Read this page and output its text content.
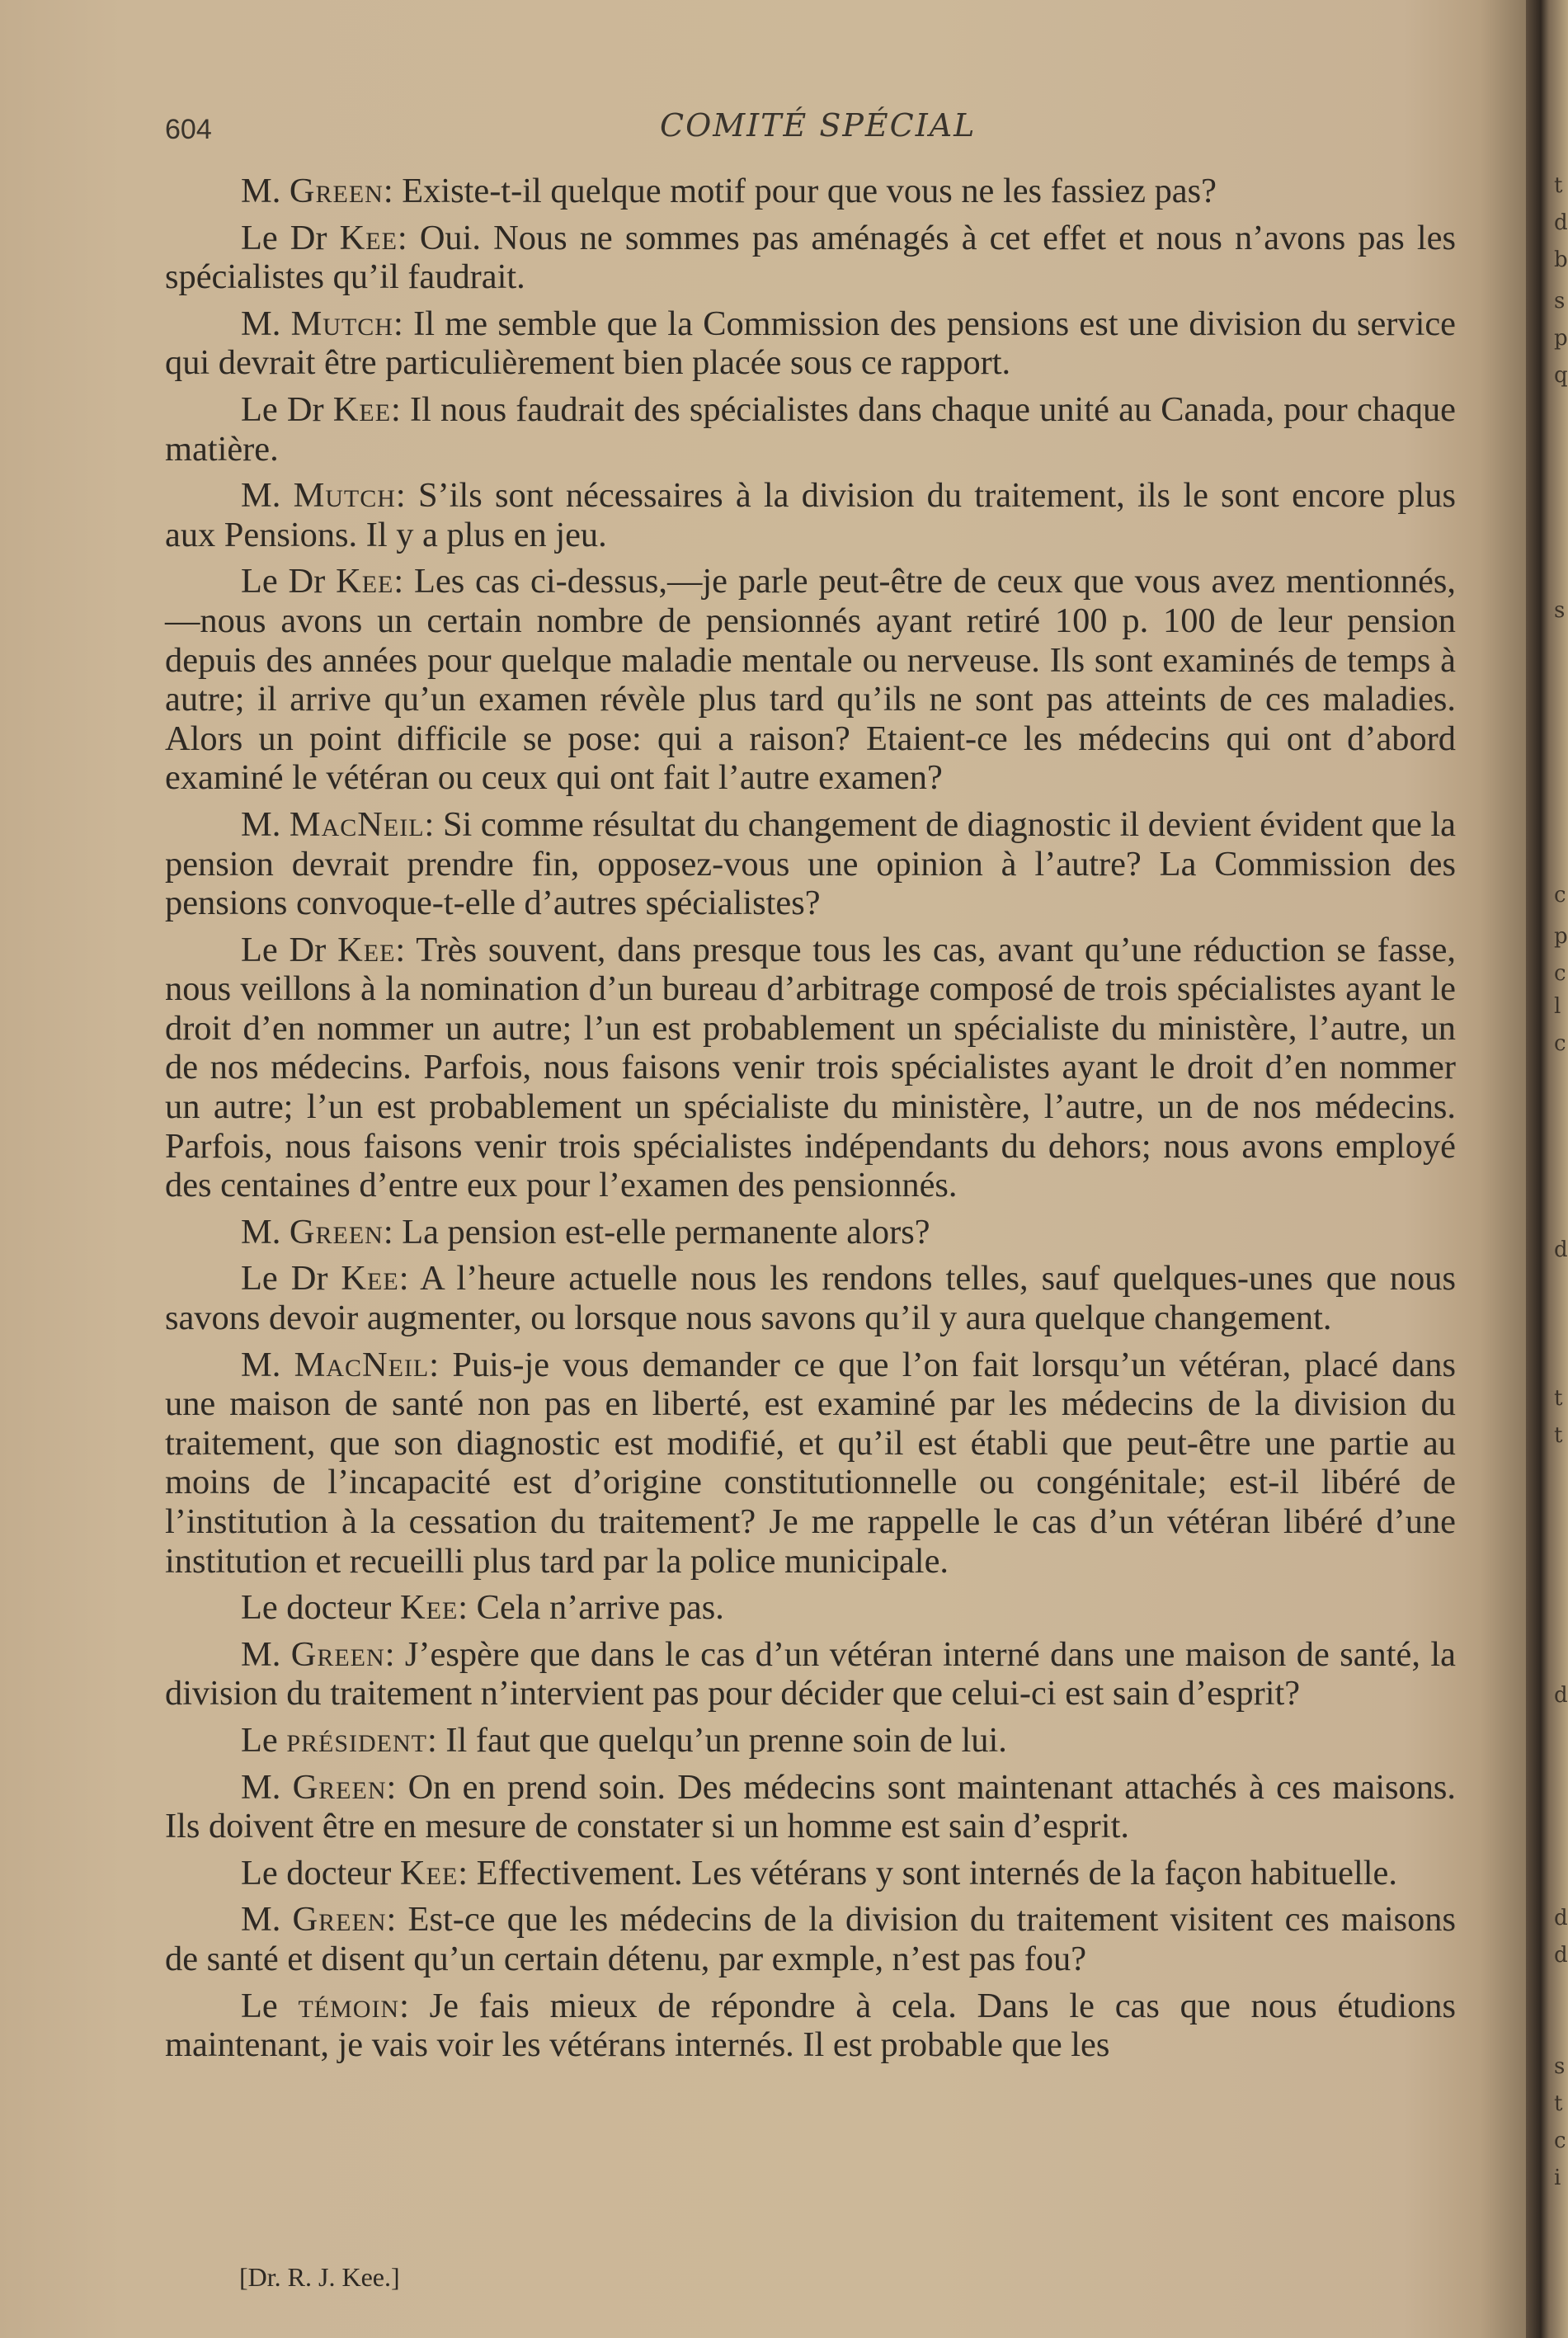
604	COMITÉ SPÉCIAL

M. Green: Existe-t-il quelque motif pour que vous ne les fassiez pas?

Le Dr Kee: Oui. Nous ne sommes pas aménagés à cet effet et nous n’avons pas les spécialistes qu’il faudrait.

M. Mutch: Il me semble que la Commission des pensions est une division du service qui devrait être particulièrement bien placée sous ce rapport.

Le Dr Kee: Il nous faudrait des spécialistes dans chaque unité au Canada, pour chaque matière.

M. Mutch: S’ils sont nécessaires à la division du traitement, ils le sont encore plus aux Pensions. Il y a plus en jeu.

Le Dr Kee: Les cas ci-dessus,—je parle peut-être de ceux que vous avez mentionnés,—nous avons un certain nombre de pensionnés ayant retiré 100 p. 100 de leur pension depuis des années pour quelque maladie mentale ou nerveuse. Ils sont examinés de temps à autre; il arrive qu’un examen révèle plus tard qu’ils ne sont pas atteints de ces maladies. Alors un point difficile se pose: qui a raison? Etaient-ce les médecins qui ont d’abord examiné le vétéran ou ceux qui ont fait l’autre examen?

M. MacNeil: Si comme résultat du changement de diagnostic il devient évident que la pension devrait prendre fin, opposez-vous une opinion à l’autre? La Commission des pensions convoque-t-elle d’autres spécialistes?

Le Dr Kee: Très souvent, dans presque tous les cas, avant qu’une réduction se fasse, nous veillons à la nomination d’un bureau d’arbitrage composé de trois spécialistes ayant le droit d’en nommer un autre; l’un est probablement un spécialiste du ministère, l’autre, un de nos médecins. Parfois, nous faisons venir trois spécialistes ayant le droit d’en nommer un autre; l’un est probablement un spécialiste du ministère, l’autre, un de nos médecins. Parfois, nous faisons venir trois spécialistes indépendants du dehors; nous avons employé des centaines d’entre eux pour l’examen des pensionnés.

M. Green: La pension est-elle permanente alors?

Le Dr Kee: A l’heure actuelle nous les rendons telles, sauf quelques-unes que nous savons devoir augmenter, ou lorsque nous savons qu’il y aura quelque changement.

M. MacNeil: Puis-je vous demander ce que l’on fait lorsqu’un vétéran, placé dans une maison de santé non pas en liberté, est examiné par les médecins de la division du traitement, que son diagnostic est modifié, et qu’il est établi que peut-être une partie au moins de l’incapacité est d’origine constitutionnelle ou congénitale; est-il libéré de l’institution à la cessation du traitement? Je me rappelle le cas d’un vétéran libéré d’une institution et recueilli plus tard par la police municipale.

Le docteur Kee: Cela n’arrive pas.

M. Green: J’espère que dans le cas d’un vétéran interné dans une maison de santé, la division du traitement n’intervient pas pour décider que celui-ci est sain d’esprit?

Le président: Il faut que quelqu’un prenne soin de lui.

M. Green: On en prend soin. Des médecins sont maintenant attachés à ces maisons. Ils doivent être en mesure de constater si un homme est sain d’esprit.

Le docteur Kee: Effectivement. Les vétérans y sont internés de la façon habituelle.

M. Green: Est-ce que les médecins de la division du traitement visitent ces maisons de santé et disent qu’un certain détenu, par exmple, n’est pas fou?

Le témoin: Je fais mieux de répondre à cela. Dans le cas que nous étudions maintenant, je vais voir les vétérans internés. Il est probable que les

[Dr. R. J. Kee.]
t
d
b
s
p
q
s
c
p
c
l
c
d
t
t
d
d
d
s
t
c
i
